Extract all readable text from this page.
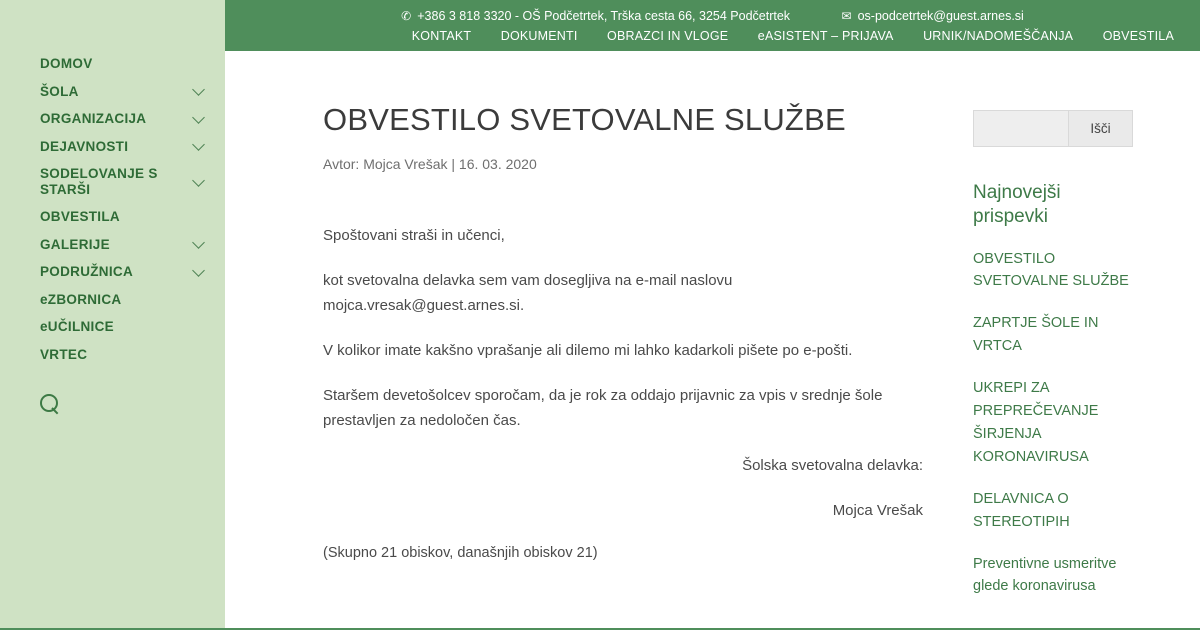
DOMOV
ŠOLA
ORGANIZACIJA
DEJAVNOSTI
SODELOVANJE S STARŠI
OBVESTILA
GALERIJE
PODRUŽNICA
eZBORNICA
eUČILNICE
VRTEC
✆ +386 3 818 3320 - OŠ Podčetrtek, Trška cesta 66, 3254 Podčetrtek	✉ os-podcetrtek@guest.arnes.si
KONTAKT DOKUMENTI OBRAZCI IN VLOGE eASISTENT – PRIJAVA URNIK/NADOMEŠČANJA OBVESTILA
OBVESTILO SVETOVALNE SLUŽBE
Avtor: Mojca Vrešak | 16. 03. 2020

Spoštovani straši in učenci,

kot svetovalna delavka sem vam dosegljiva na e-mail naslovu mojca.vresak@guest.arnes.si.

V kolikor imate kakšno vprašanje ali dilemo mi lahko kadarkoli pišete po e-pošti.

Staršem devetošolcev sporočam, da je rok za oddajo prijavnic za vpis v srednje šole prestavljen za nedoločen čas.

Šolska svetovalna delavka:

Mojca Vrešak

(Skupno 21 obiskov, današnjih obiskov 21)
Išči
Najnovejši prispevki
OBVESTILO SVETOVALNE SLUŽBE
ZAPRTJE ŠOLE IN VRTCA
UKREPI ZA PREPREČEVANJE ŠIRJENJA KORONAVIRUSA
DELAVNICA O STEREOTIPIH
Preventivne usmeritve glede koronavirusa
